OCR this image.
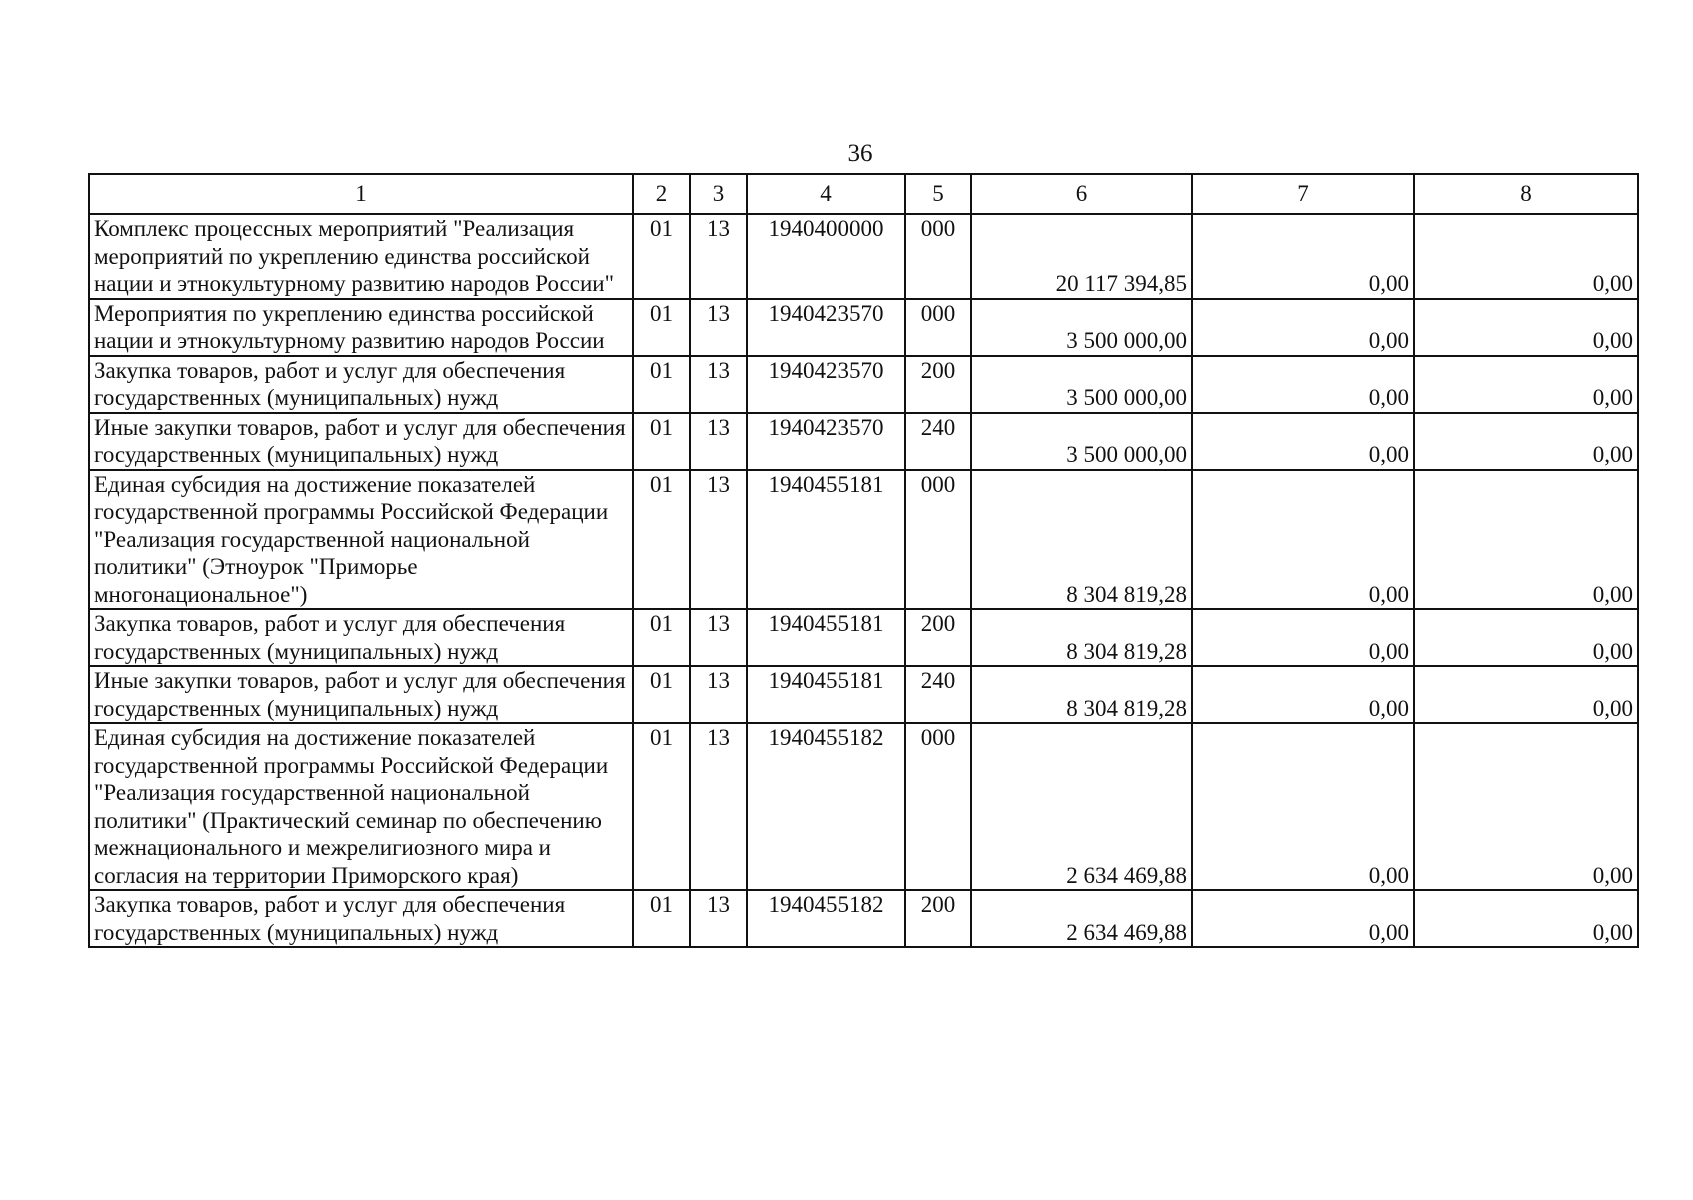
36
1	2	3	4	5	6	7	8
Комплекс процессных мероприятий "Реализация мероприятий по укреплению единства российской нации и этнокультурному развитию народов России"	01	13	1940400000	000	20 117 394,85	0,00	0,00
Мероприятия по укреплению единства российской нации и этнокультурному развитию народов России	01	13	1940423570	000	3 500 000,00	0,00	0,00
Закупка товаров, работ и услуг для обеспечения государственных (муниципальных) нужд	01	13	1940423570	200	3 500 000,00	0,00	0,00
Иные закупки товаров, работ и услуг для обеспечения государственных (муниципальных) нужд	01	13	1940423570	240	3 500 000,00	0,00	0,00
Единая субсидия на достижение показателей государственной программы Российской Федерации "Реализация государственной национальной политики" (Этноурок "Приморье многонациональное")	01	13	1940455181	000	8 304 819,28	0,00	0,00
Закупка товаров, работ и услуг для обеспечения государственных (муниципальных) нужд	01	13	1940455181	200	8 304 819,28	0,00	0,00
Иные закупки товаров, работ и услуг для обеспечения государственных (муниципальных) нужд	01	13	1940455181	240	8 304 819,28	0,00	0,00
Единая субсидия на достижение показателей государственной программы Российской Федерации "Реализация государственной национальной политики" (Практический семинар по обеспечению межнационального и межрелигиозного мира и согласия на территории Приморского края)	01	13	1940455182	000	2 634 469,88	0,00	0,00
Закупка товаров, работ и услуг для обеспечения государственных (муниципальных) нужд	01	13	1940455182	200	2 634 469,88	0,00	0,00
